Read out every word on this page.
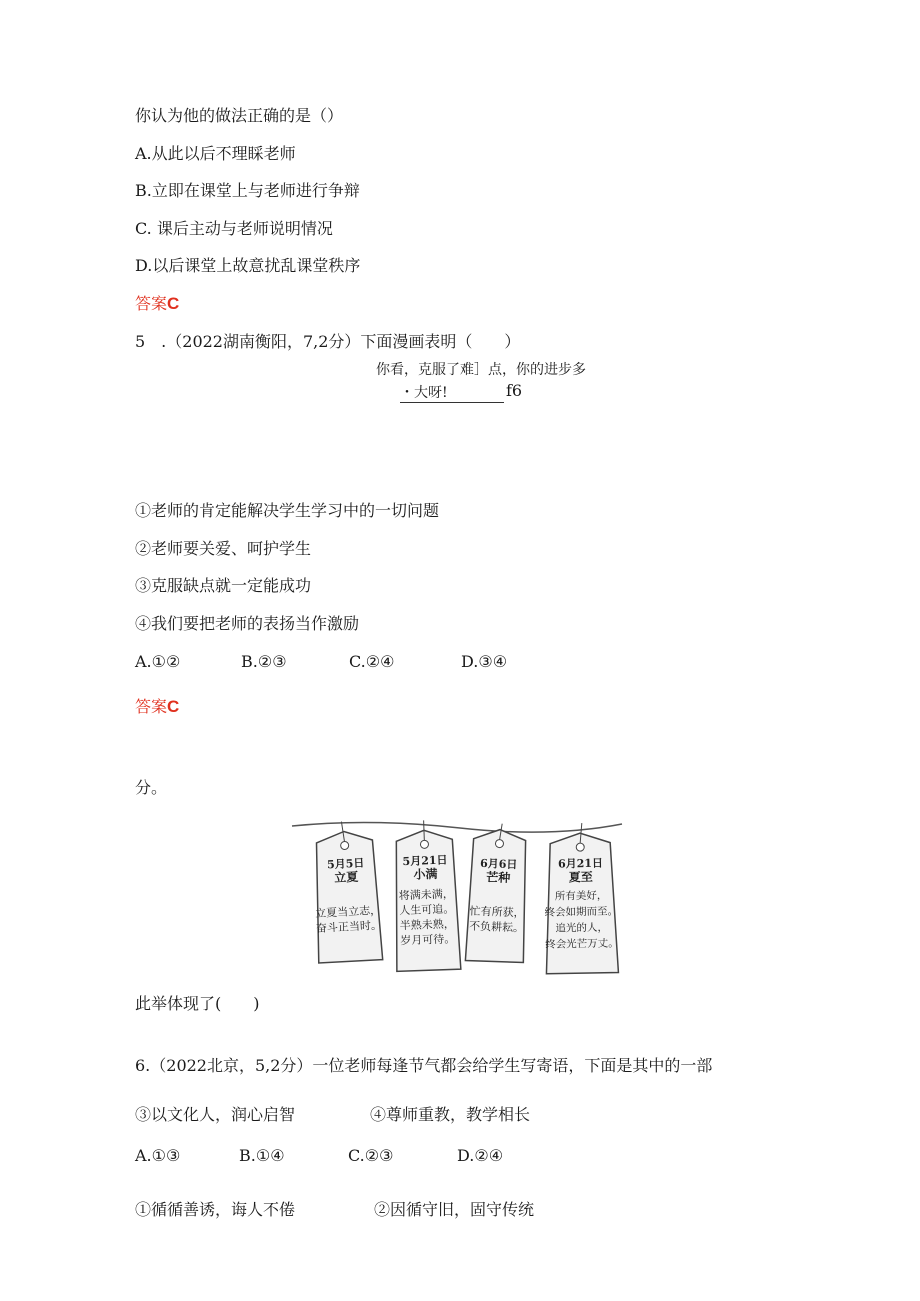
你认为他的做法正确的是（）
A.从此以后不理睬老师
B.立即在课堂上与老师进行争辩
C. 课后主动与老师说明情况
D.以后课堂上故意扰乱课堂秩序
答案C
5　.（2022湖南衡阳，7,2分）下面漫画表明（　　）
你看，克服了难］点，你的进步多
・大呀!	f6
①老师的肯定能解决学生学习中的一切问题
②老师要关爱、呵护学生
③克服缺点就一定能成功
④我们要把老师的表扬当作激励
A.①②	B.②③	C.②④	D.③④
答案C
分。
5月5日
立夏
立夏当立志，
奋斗正当时。
5月21日
小满
将满未满，
人生可追。
半熟未熟，
岁月可待。
6月6日
芒种
忙有所获，
不负耕耘。
6月21日
夏至
所有美好，
终会如期而至。
追光的人，
终会光芒万丈。
此举体现了(　　)
6.（2022北京，5,2分）一位老师每逢节气都会给学生写寄语，下面是其中的一部
③以文化人，润心启智	④尊师重教，教学相长
A.①③	B.①④	C.②③	D.②④
①循循善诱，诲人不倦	②因循守旧，固守传统
